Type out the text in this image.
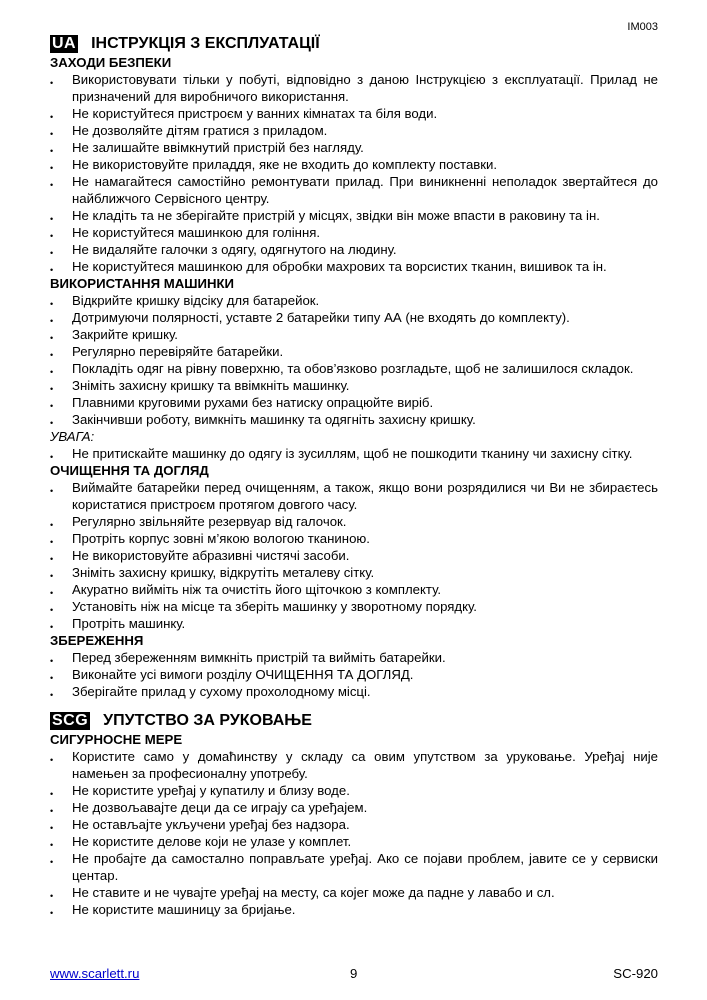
IM003
UA ІНСТРУКЦІЯ З ЕКСПЛУАТАЦІЇ

ЗАХОДИ БЕЗПЕКИ

• Використовувати тільки у побуті, відповідно з даною Інструкцією з експлуатації. Прилад не призначений для виробничого використання.
• Не користуйтеся пристроєм у ванних кімнатах та біля води.
• Не дозволяйте дітям гратися з приладом.
• Не залишайте ввімкнутий пристрій без нагляду.
• Не використовуйте приладдя, яке не входить до комплекту поставки.
• Не намагайтеся самостійно ремонтувати прилад. При виникненні неполадок звертайтеся до найближчого Сервісного центру.
• Не кладіть та не зберігайте пристрій у місцях, звідки він може впасти в раковину та ін.
• Не користуйтеся машинкою для гоління.
• Не видаляйте галочки з одягу, одягнутого на людину.
• Не користуйтеся машинкою для обробки махрових та ворсистих тканин, вишивок та ін.

ВИКОРИСТАННЯ МАШИНКИ

• Відкрийте кришку відсіку для батарейок.
• Дотримуючи полярності, уставте 2 батарейки типу АА (не входять до комплекту).
• Закрийте кришку.
• Регулярно перевіряйте батарейки.
• Покладіть одяг на рівну поверхню, та обов’язково розгладьте, щоб не залишилося складок.
• Зніміть захисну кришку та ввімкніть машинку.
• Плавними круговими рухами без натиску опрацюйте виріб.
• Закінчивши роботу, вимкніть машинку та одягніть захисну кришку.

УВАГА:

• Не притискайте машинку до одягу із зусиллям, щоб не пошкодити тканину чи захисну сітку.

ОЧИЩЕННЯ ТА ДОГЛЯД

• Виймайте батарейки перед очищенням, а також, якщо вони розрядилися чи Ви не збираєтесь користатися пристроєм протягом довгого часу.
• Регулярно звільняйте резервуар від галочок.
• Протріть корпус зовні м’якою вологою тканиною.
• Не використовуйте абразивні чистячі засоби.
• Зніміть захисну кришку, відкрутіть металеву сітку.
• Акуратно вийміть ніж та очистіть його щіточкою з комплекту.
• Установіть ніж на місце та зберіть машинку у зворотному порядку.
• Протріть машинку.

ЗБЕРЕЖЕННЯ

• Перед збереженням вимкніть пристрій та вийміть батарейки.
• Виконайте усі вимоги розділу ОЧИЩЕННЯ ТА ДОГЛЯД.
• Зберігайте прилад у сухому прохолодному місці.
SCG УПУТСТВО ЗА РУКОВАЊЕ

СИГУРНОСНЕ МЕРЕ

• Користите само у домаћинству у складу са овим упутством за уруковање. Уређај није намењен за професионалну употребу.
• Не користите уређај у купатилу и близу воде.
• Не дозвољавајте деци да се играју са уређајем.
• Не остављајте укључени уређај без надзора.
• Не користите делове који не улазе у комплет.
• Не пробајте да самостално поправљате уређај. Ако се појави проблем, јавите се у сервиски центар.
• Не ставите и не чувајте уређај на месту, са којег може да падне у лавабо и сл.
• Не користите машиницу за бријање.
www.scarlett.ru	9	SC-920
